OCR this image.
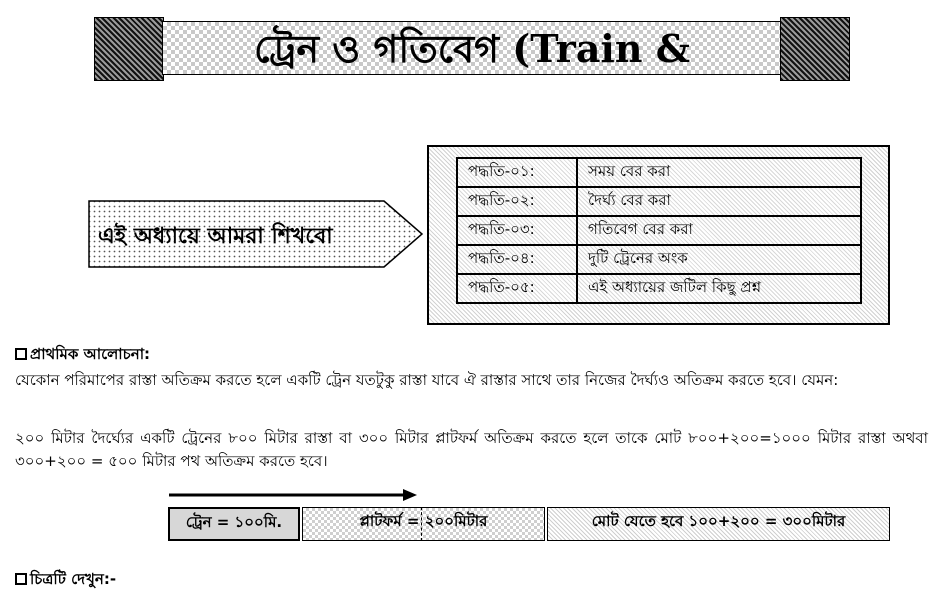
ট্রেন ও গতিবেগ (Train &
এই অধ্যায়ে আমরা শিখবো
পদ্ধতি-০১:	সময় বের করা
পদ্ধতি-০২:	দৈর্ঘ্য বের করা
পদ্ধতি-০৩:	গতিবেগ বের করা
পদ্ধতি-০৪:	দুটি ট্রেনের অংক
পদ্ধতি-০৫:	এই অধ্যায়ের জটিল কিছু প্রশ্ন
প্রাথমিক আলোচনা:
যেকোন পরিমাপের রাস্তা অতিক্রম করতে হলে একটি ট্রেন যতটুকু রাস্তা যাবে ঐ রাস্তার সাথে তার নিজের দৈর্ঘ্যও অতিক্রম করতে হবে। যেমন:
২০০ মিটার দৈর্ঘ্যের একটি ট্রেনের ৮০০ মিটার রাস্তা বা ৩০০ মিটার প্লাটফর্ম অতিক্রম করতে হলে তাকে মোট ৮০০+২০০=১০০০ মিটার রাস্তা অথবা ৩০০+২০০ = ৫০০ মিটার পথ অতিক্রম করতে হবে।
ট্রেন = ১০০মি.	প্লাটফর্ম = ২০০মিটার	মোট যেতে হবে ১০০+২০০ = ৩০০মিটার
চিত্রটি দেখুন:-
